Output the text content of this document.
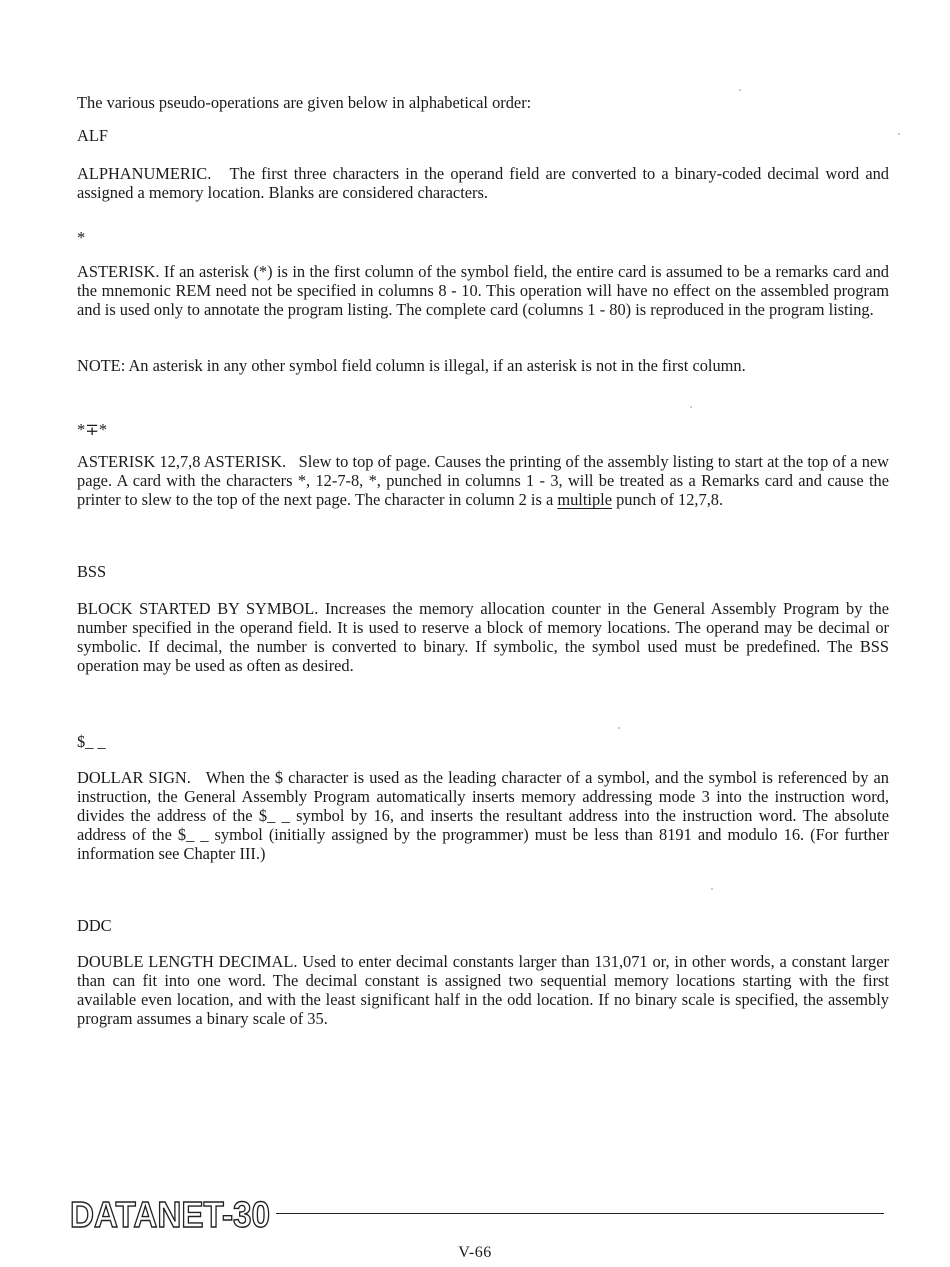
The various pseudo-operations are given below in alphabetical order:

ALF

ALPHANUMERIC. The first three characters in the operand field are converted to a binary-coded decimal word and assigned a memory location. Blanks are considered characters.

*

ASTERISK. If an asterisk (*) is in the first column of the symbol field, the entire card is assumed to be a remarks card and the mnemonic REM need not be specified in columns 8 - 10. This operation will have no effect on the assembled program and is used only to annotate the program listing. The complete card (columns 1 - 80) is reproduced in the program listing.

NOTE: An asterisk in any other symbol field column is illegal, if an asterisk is not in the first column.

*∓*

ASTERISK 12,7,8 ASTERISK. Slew to top of page. Causes the printing of the assembly listing to start at the top of a new page. A card with the characters *, 12-7-8, *, punched in columns 1 - 3, will be treated as a Remarks card and cause the printer to slew to the top of the next page. The character in column 2 is a multiple punch of 12,7,8.

BSS

BLOCK STARTED BY SYMBOL. Increases the memory allocation counter in the General Assembly Program by the number specified in the operand field. It is used to reserve a block of memory locations. The operand may be decimal or symbolic. If decimal, the number is converted to binary. If symbolic, the symbol used must be predefined. The BSS operation may be used as often as desired.

$_ _

DOLLAR SIGN. When the $ character is used as the leading character of a symbol, and the symbol is referenced by an instruction, the General Assembly Program automatically inserts memory addressing mode 3 into the instruction word, divides the address of the $_ _ symbol by 16, and inserts the resultant address into the instruction word. The absolute address of the $_ _ symbol (initially assigned by the programmer) must be less than 8191 and modulo 16. (For further information see Chapter III.)

DDC

DOUBLE LENGTH DECIMAL. Used to enter decimal constants larger than 131,071 or, in other words, a constant larger than can fit into one word. The decimal constant is assigned two sequential memory locations starting with the first available even location, and with the least significant half in the odd location. If no binary scale is specified, the assembly program assumes a binary scale of 35.

DATANET-30
V-66
